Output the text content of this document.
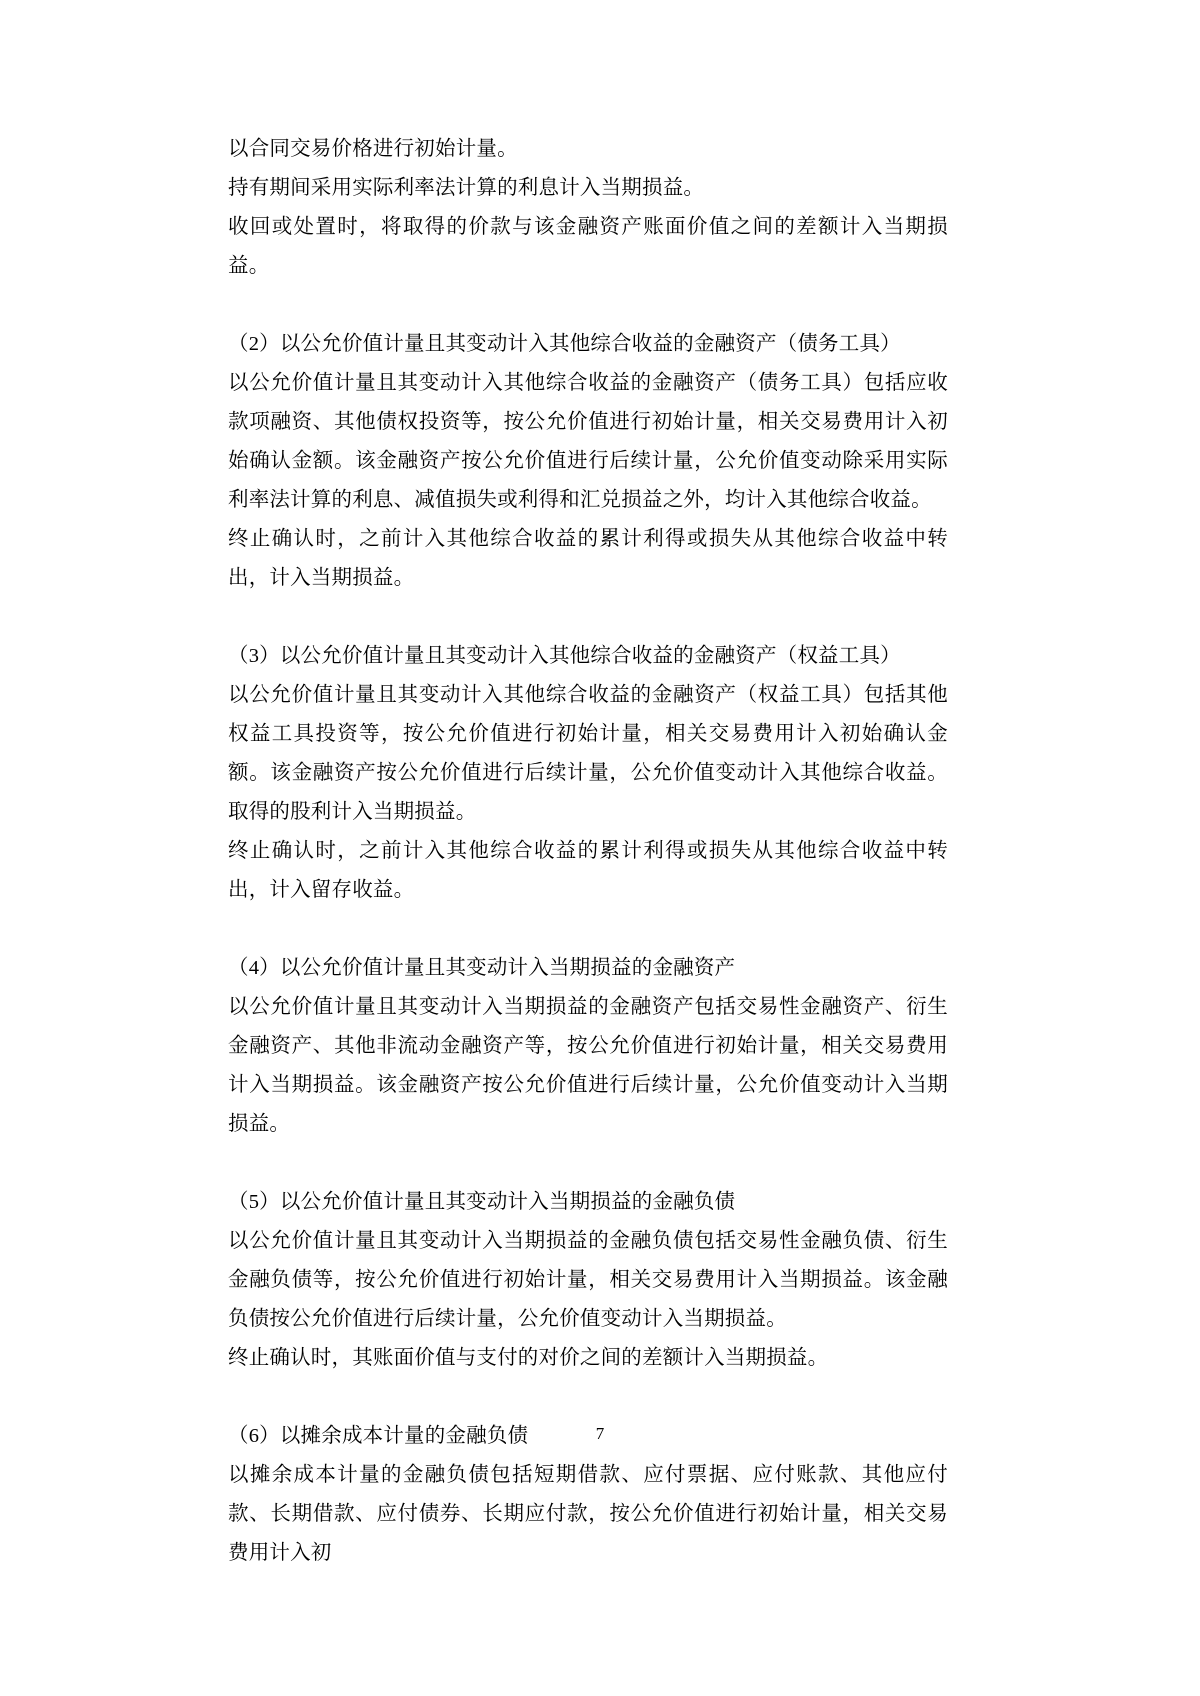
以合同交易价格进行初始计量。

持有期间采用实际利率法计算的利息计入当期损益。

收回或处置时，将取得的价款与该金融资产账面价值之间的差额计入当期损益。

（2）以公允价值计量且其变动计入其他综合收益的金融资产（债务工具）

以公允价值计量且其变动计入其他综合收益的金融资产（债务工具）包括应收款项融资、其他债权投资等，按公允价值进行初始计量，相关交易费用计入初始确认金额。该金融资产按公允价值进行后续计量，公允价值变动除采用实际利率法计算的利息、减值损失或利得和汇兑损益之外，均计入其他综合收益。

终止确认时，之前计入其他综合收益的累计利得或损失从其他综合收益中转出，计入当期损益。

（3）以公允价值计量且其变动计入其他综合收益的金融资产（权益工具）

以公允价值计量且其变动计入其他综合收益的金融资产（权益工具）包括其他权益工具投资等，按公允价值进行初始计量，相关交易费用计入初始确认金额。该金融资产按公允价值进行后续计量，公允价值变动计入其他综合收益。取得的股利计入当期损益。

终止确认时，之前计入其他综合收益的累计利得或损失从其他综合收益中转出，计入留存收益。

（4）以公允价值计量且其变动计入当期损益的金融资产

以公允价值计量且其变动计入当期损益的金融资产包括交易性金融资产、衍生金融资产、其他非流动金融资产等，按公允价值进行初始计量，相关交易费用计入当期损益。该金融资产按公允价值进行后续计量，公允价值变动计入当期损益。

（5）以公允价值计量且其变动计入当期损益的金融负债

以公允价值计量且其变动计入当期损益的金融负债包括交易性金融负债、衍生金融负债等，按公允价值进行初始计量，相关交易费用计入当期损益。该金融负债按公允价值进行后续计量，公允价值变动计入当期损益。

终止确认时，其账面价值与支付的对价之间的差额计入当期损益。

（6）以摊余成本计量的金融负债

以摊余成本计量的金融负债包括短期借款、应付票据、应付账款、其他应付款、长期借款、应付债券、长期应付款，按公允价值进行初始计量，相关交易费用计入初

7
